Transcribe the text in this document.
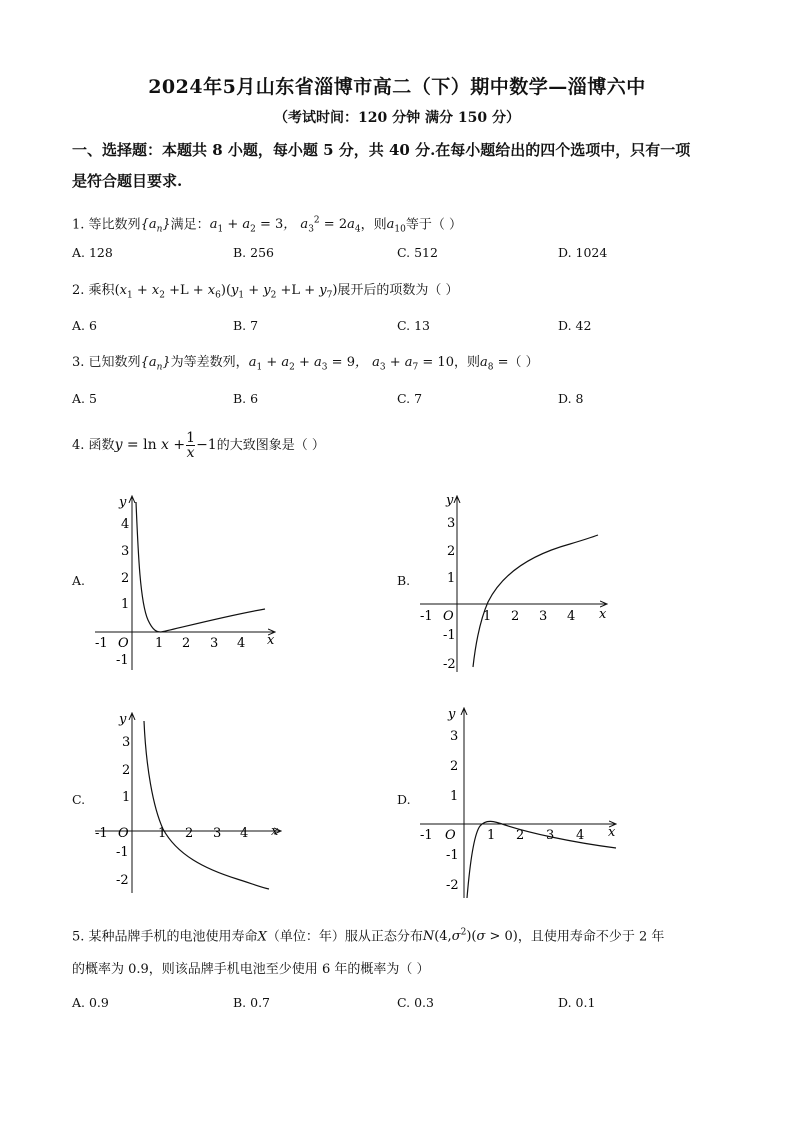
2024年5月山东省淄博市高二（下）期中数学—淄博六中
（考试时间：120 分钟 满分 150 分）
一、选择题：本题共 8 小题，每小题 5 分，共 40 分.在每小题给出的四个选项中，只有一项
是符合题目要求.
1. 等比数列$\{a_n\}$满足：$a_1 + a_2 = 3$， $a_3^2 = 2a_4$，则$a_{10}$等于（ ）
A. 128	B. 256	C. 512	D. 1024
2. 乘积$(x_1 + x_2 +L + x_6)(y_1 + y_2 +L + y_7)$展开后的项数为（ ）
A. 6	B. 7	C. 13	D. 42
3. 已知数列$\{a_n\}$为等差数列，$a_1 + a_2 + a_3 = 9$， $a_3 + a_7 = 10$，则$a_8$ =（ ）
A. 5	B. 6	C. 7	D. 8
4. 函数$y = \ln x + \frac{1}{x} -1$的大致图象是（ ）
A.	B.
C.	D.
x
y
O
-1	1 2 3 4
4
3
2
1
-1
x
y
O
-1	1 2 3 4
3
2
1
-1
-2
x
y
O
-1	1 2 3 4
3
2
1
-1
-2
x
y
O
-1	1 2 3 4
3
2
1
-1
-2
5. 某种品牌手机的电池使用寿命X（单位：年）服从正态分布$N(4,\sigma^2)(\sigma > 0)$，且使用寿命不少于 2 年
的概率为 0.9，则该品牌手机电池至少使用 6 年的概率为（ ）
A. 0.9	B. 0.7	C. 0.3	D. 0.1
